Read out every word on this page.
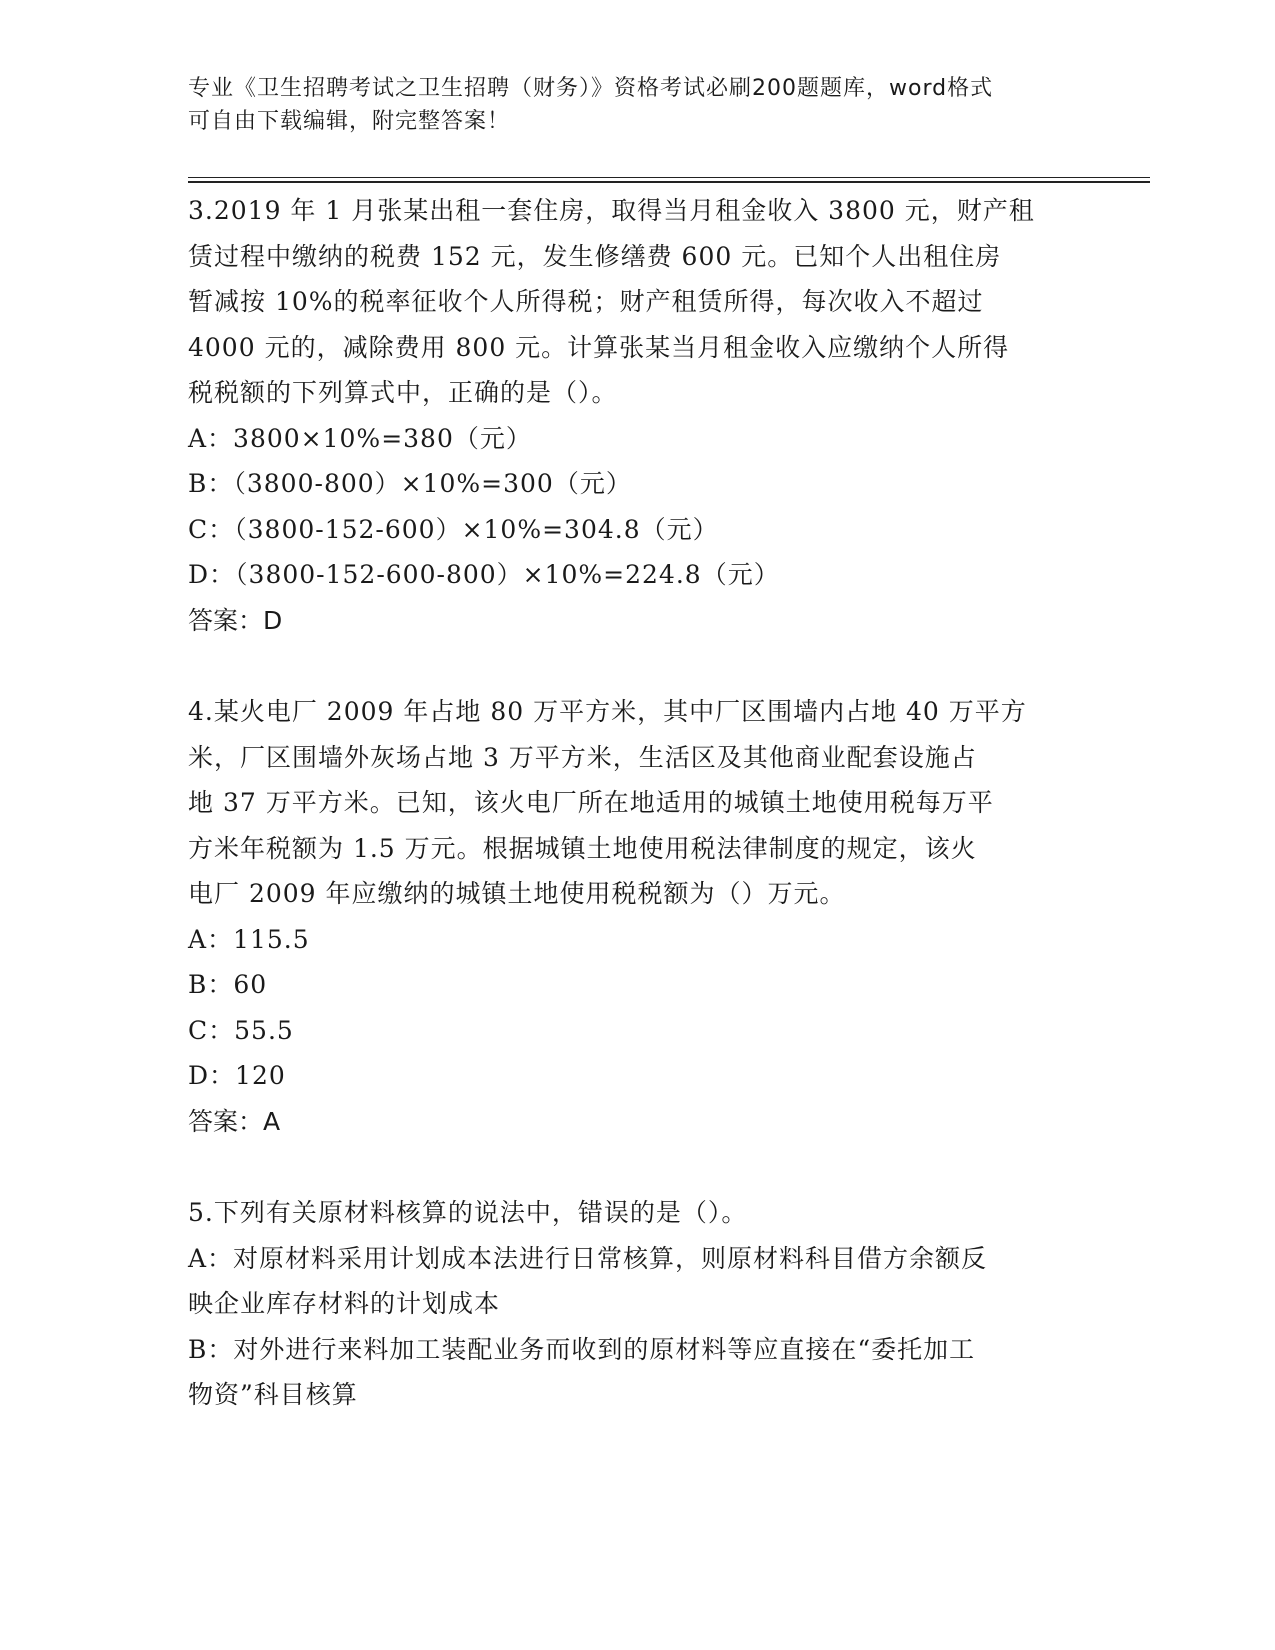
专业《卫生招聘考试之卫生招聘（财务）》资格考试必刷200题题库，word格式
可自由下载编辑，附完整答案！
3.2019 年 1 月张某出租一套住房，取得当月租金收入 3800 元，财产租
赁过程中缴纳的税费 152 元，发生修缮费 600 元。已知个人出租住房
暂减按 10%的税率征收个人所得税；财产租赁所得，每次收入不超过
4000 元的，减除费用 800 元。计算张某当月租金收入应缴纳个人所得
税税额的下列算式中，正确的是（）。
A：3800×10%=380（元）
B：（3800-800）×10%=300（元）
C：（3800-152-600）×10%=304.8（元）
D：（3800-152-600-800）×10%=224.8（元）
答案：D
4.某火电厂 2009 年占地 80 万平方米，其中厂区围墙内占地 40 万平方
米，厂区围墙外灰场占地 3 万平方米，生活区及其他商业配套设施占
地 37 万平方米。已知，该火电厂所在地适用的城镇土地使用税每万平
方米年税额为 1.5 万元。根据城镇土地使用税法律制度的规定，该火
电厂 2009 年应缴纳的城镇土地使用税税额为（）万元。
A：115.5
B：60
C：55.5
D：120
答案：A
5.下列有关原材料核算的说法中，错误的是（）。
A：对原材料采用计划成本法进行日常核算，则原材料科目借方余额反
映企业库存材料的计划成本
B：对外进行来料加工装配业务而收到的原材料等应直接在“委托加工
物资”科目核算
